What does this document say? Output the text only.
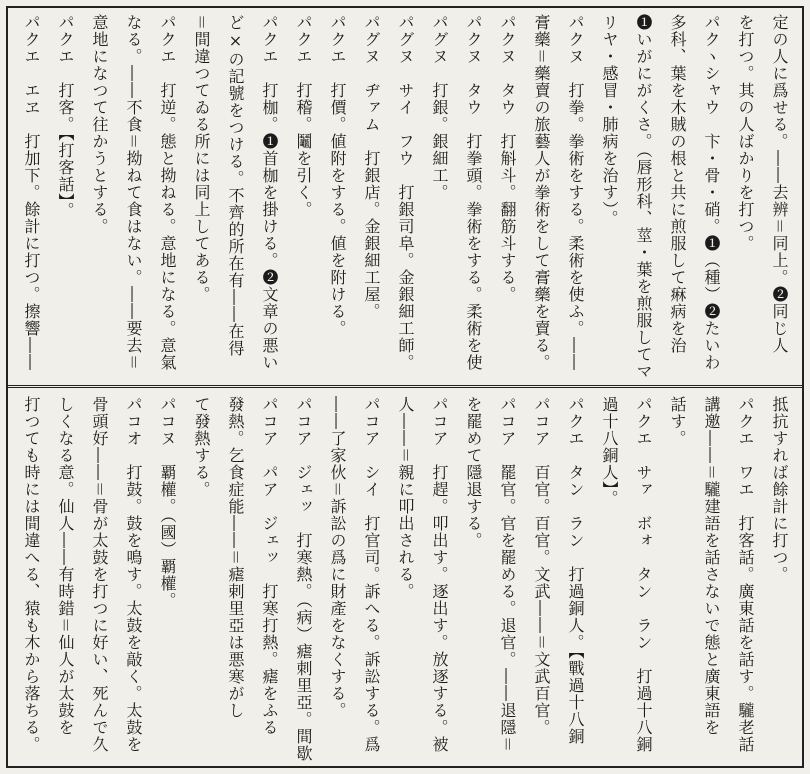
定の人に爲せる。――去辨＝同上。❷同じ人
を打つ。其の人ばかりを打つ。
パクヽシャウ　卞・骨・硝。❶（種）❷たいわ
多科、葉を木賊の根と共に煎服して痳病を治
❶いがにがくさ。（唇形科、莖・葉を煎服してマ
リヤ・感冒・肺病を治す）。
パクヌ　打拳。拳術をする。柔術を使ふ。――
膏藥＝藥賣の旅藝人が拳術をして膏藥を賣る。
パクヌ　タウ　打斛斗。翻筋斗する。
パクヌ　タウ　打拳頭。拳術をする。柔術を使
パグヌ　打銀。銀細工。
パグヌ　サイ　フウ　打銀司阜。金銀細工師。
パグヌ　ヂァム　打銀店。金銀細工屋。
パクエ　打價。値附をする。値を附ける。
パクエ　打稽。鬮を引く。
パクエ　打枷。❶首枷を掛ける。❷文章の悪い
ど×の記號をつける。不齊的所在有――在得
＝間違つてゐる所には同上してある。
パクエ　打逆。態と拗ねる。意地になる。意氣
なる。――不食＝拗ねて食はない。――要去＝
意地になつて往かうとする。
パクエ　打客。【打客話】。
パクエ　エヱ　打加下。餘計に打つ。擦響――
抵抗すれば餘計に打つ。
パクエ　ワエ　打客話。廣東話を話す。䮾老話
講邀――＝䮾建語を話さないで態と廣東語を
話す。
パクエ　サァ　ボォ　タン　ラン　打過十八銅
過十八銅人】。
パクエ　タン　ラン　打過銅人。【戰過十八銅
パコア　百官。百官。文武――＝文武百官。
パコア　罷官。官を罷める。退官。――退隱＝
を罷めて隱退する。
パコア　打趕。叩出す。逐出す。放逐する。被
人――＝親に叩出される。
パコア　シイ　打官司。訴へる。訴訟する。爲
――了家伙＝訴訟の爲に財產をなくする。
パコア　ジェッ　打寒熱。（病）瘧刺里亞。間歇
パコア　パア　ジェッ　打寒打熱。瘧をふる
發熱。乞食症能――＝瘧剌里亞は悪寒がし
て發熱する。
パコヌ　覇權。（國）覇權。
パコオ　打鼓。鼓を鳴す。太鼓を敲く。太鼓を
骨頭好――＝骨が太鼓を打つに好い、死んで久
しくなる意。仙人――有時錯＝仙人が太鼓を
打つても時には間違へる、猿も木から落ちる。
